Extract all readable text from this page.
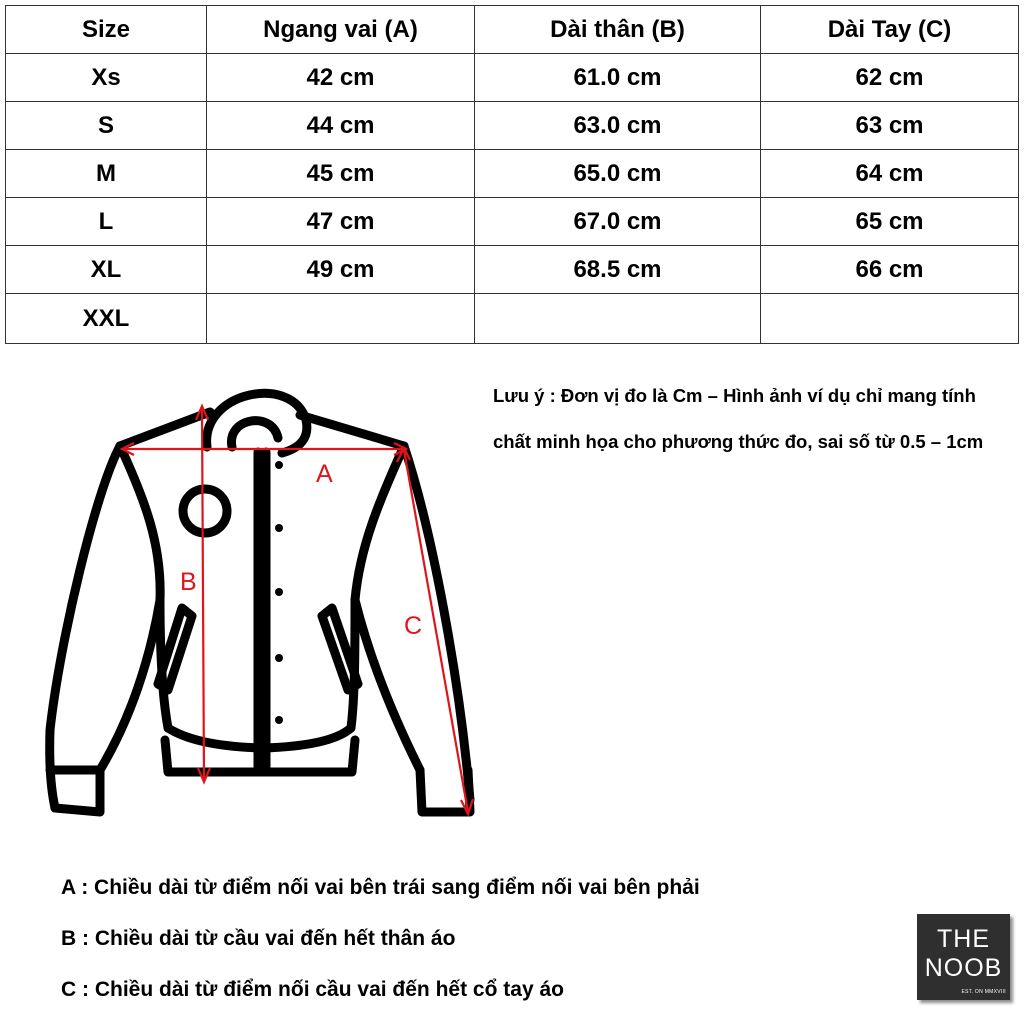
Size	Ngang vai (A)	Dài thân (B)	Dài Tay (C)
Xs	42 cm	61.0 cm	62 cm
S	44 cm	63.0 cm	63 cm
M	45 cm	65.0 cm	64 cm
L	47 cm	67.0 cm	65 cm
XL	49 cm	68.5 cm	66 cm
XXL			
Lưu ý : Đơn vị đo là Cm – Hình ảnh ví dụ chỉ mang tính chất minh họa cho phương thức đo, sai số từ 0.5 – 1cm
A
B
C
A : Chiều dài từ điểm nối vai bên trái sang điểm nối vai bên phải
B : Chiều dài từ cầu vai đến hết thân áo
C : Chiều dài từ điểm nối cầu vai đến hết cổ tay áo
THE
NOOB
EST. ON MMXVIII
